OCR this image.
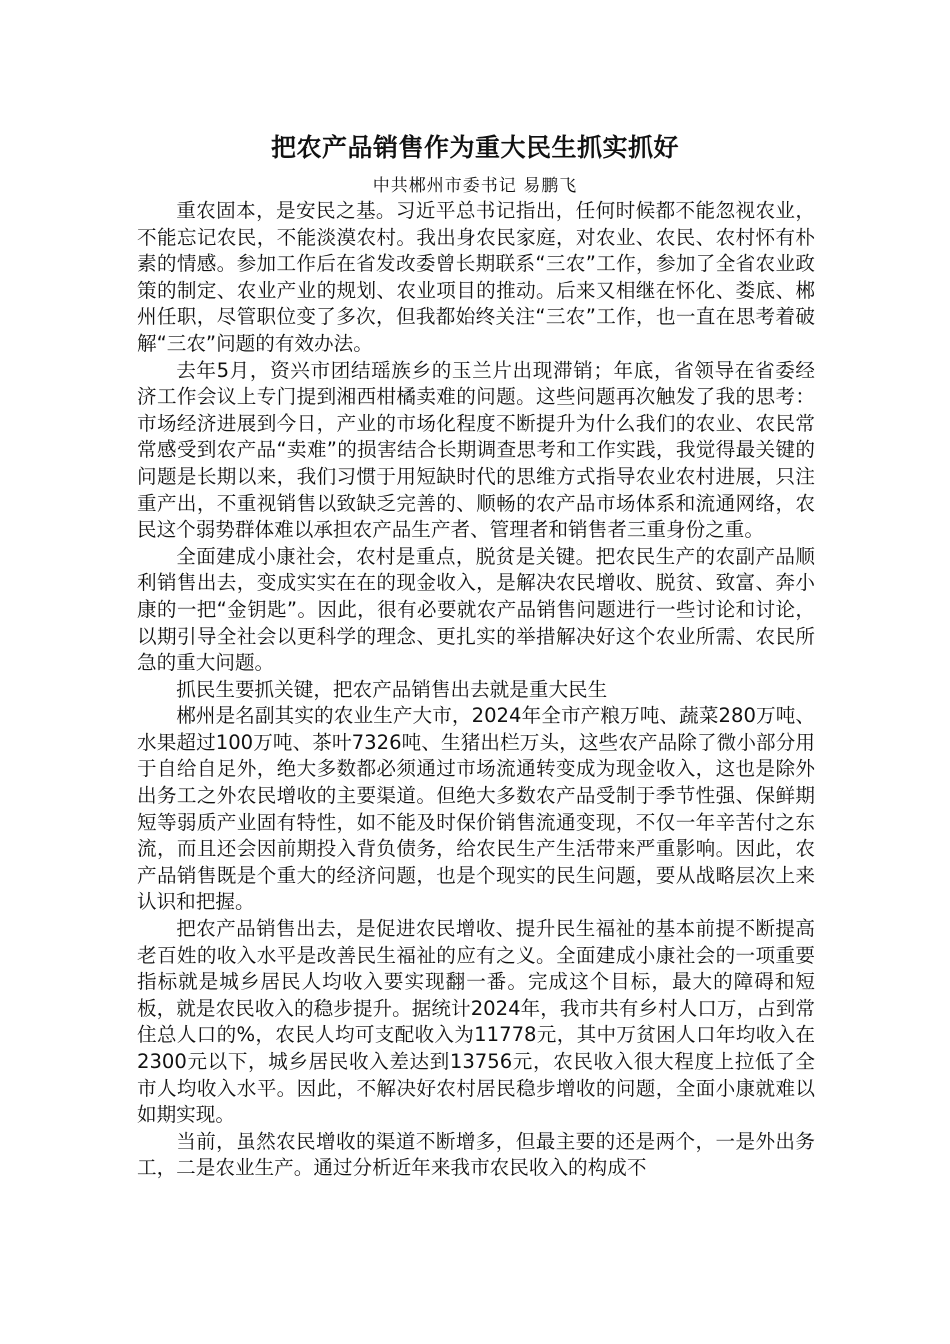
把农产品销售作为重大民生抓实抓好
中共郴州市委书记 易鹏飞

重农固本，是安民之基。习近平总书记指出，任何时候都不能忽视农业，不能忘记农民，不能淡漠农村。我出身农民家庭，对农业、农民、农村怀有朴素的情感。参加工作后在省发改委曾长期联系“三农”工作，参加了全省农业政策的制定、农业产业的规划、农业项目的推动。后来又相继在怀化、娄底、郴州任职，尽管职位变了多次，但我都始终关注“三农”工作，也一直在思考着破解“三农”问题的有效办法。

去年5月，资兴市团结瑶族乡的玉兰片出现滞销；年底，省领导在省委经济工作会议上专门提到湘西柑橘卖难的问题。这些问题再次触发了我的思考：市场经济进展到今日，产业的市场化程度不断提升为什么我们的农业、农民常常感受到农产品“卖难”的损害结合长期调查思考和工作实践，我觉得最关键的问题是长期以来，我们习惯于用短缺时代的思维方式指导农业农村进展，只注重产出，不重视销售以致缺乏完善的、顺畅的农产品市场体系和流通网络，农民这个弱势群体难以承担农产品生产者、管理者和销售者三重身份之重。

全面建成小康社会，农村是重点，脱贫是关键。把农民生产的农副产品顺利销售出去，变成实实在在的现金收入，是解决农民增收、脱贫、致富、奔小康的一把“金钥匙”。因此，很有必要就农产品销售问题进行一些讨论和讨论，以期引导全社会以更科学的理念、更扎实的举措解决好这个农业所需、农民所急的重大问题。

抓民生要抓关键，把农产品销售出去就是重大民生

郴州是名副其实的农业生产大市，2024年全市产粮万吨、蔬菜280万吨、水果超过100万吨、茶叶7326吨、生猪出栏万头，这些农产品除了微小部分用于自给自足外，绝大多数都必须通过市场流通转变成为现金收入，这也是除外出务工之外农民增收的主要渠道。但绝大多数农产品受制于季节性强、保鲜期短等弱质产业固有特性，如不能及时保价销售流通变现，不仅一年辛苦付之东流，而且还会因前期投入背负债务，给农民生产生活带来严重影响。因此，农产品销售既是个重大的经济问题，也是个现实的民生问题，要从战略层次上来认识和把握。

把农产品销售出去，是促进农民增收、提升民生福祉的基本前提不断提高老百姓的收入水平是改善民生福祉的应有之义。全面建成小康社会的一项重要指标就是城乡居民人均收入要实现翻一番。完成这个目标，最大的障碍和短板，就是农民收入的稳步提升。据统计2024年，我市共有乡村人口万，占到常住总人口的%，农民人均可支配收入为11778元，其中万贫困人口年均收入在2300元以下，城乡居民收入差达到13756元，农民收入很大程度上拉低了全市人均收入水平。因此，不解决好农村居民稳步增收的问题，全面小康就难以如期实现。

当前，虽然农民增收的渠道不断增多，但最主要的还是两个，一是外出务工，二是农业生产。通过分析近年来我市农民收入的构成不
